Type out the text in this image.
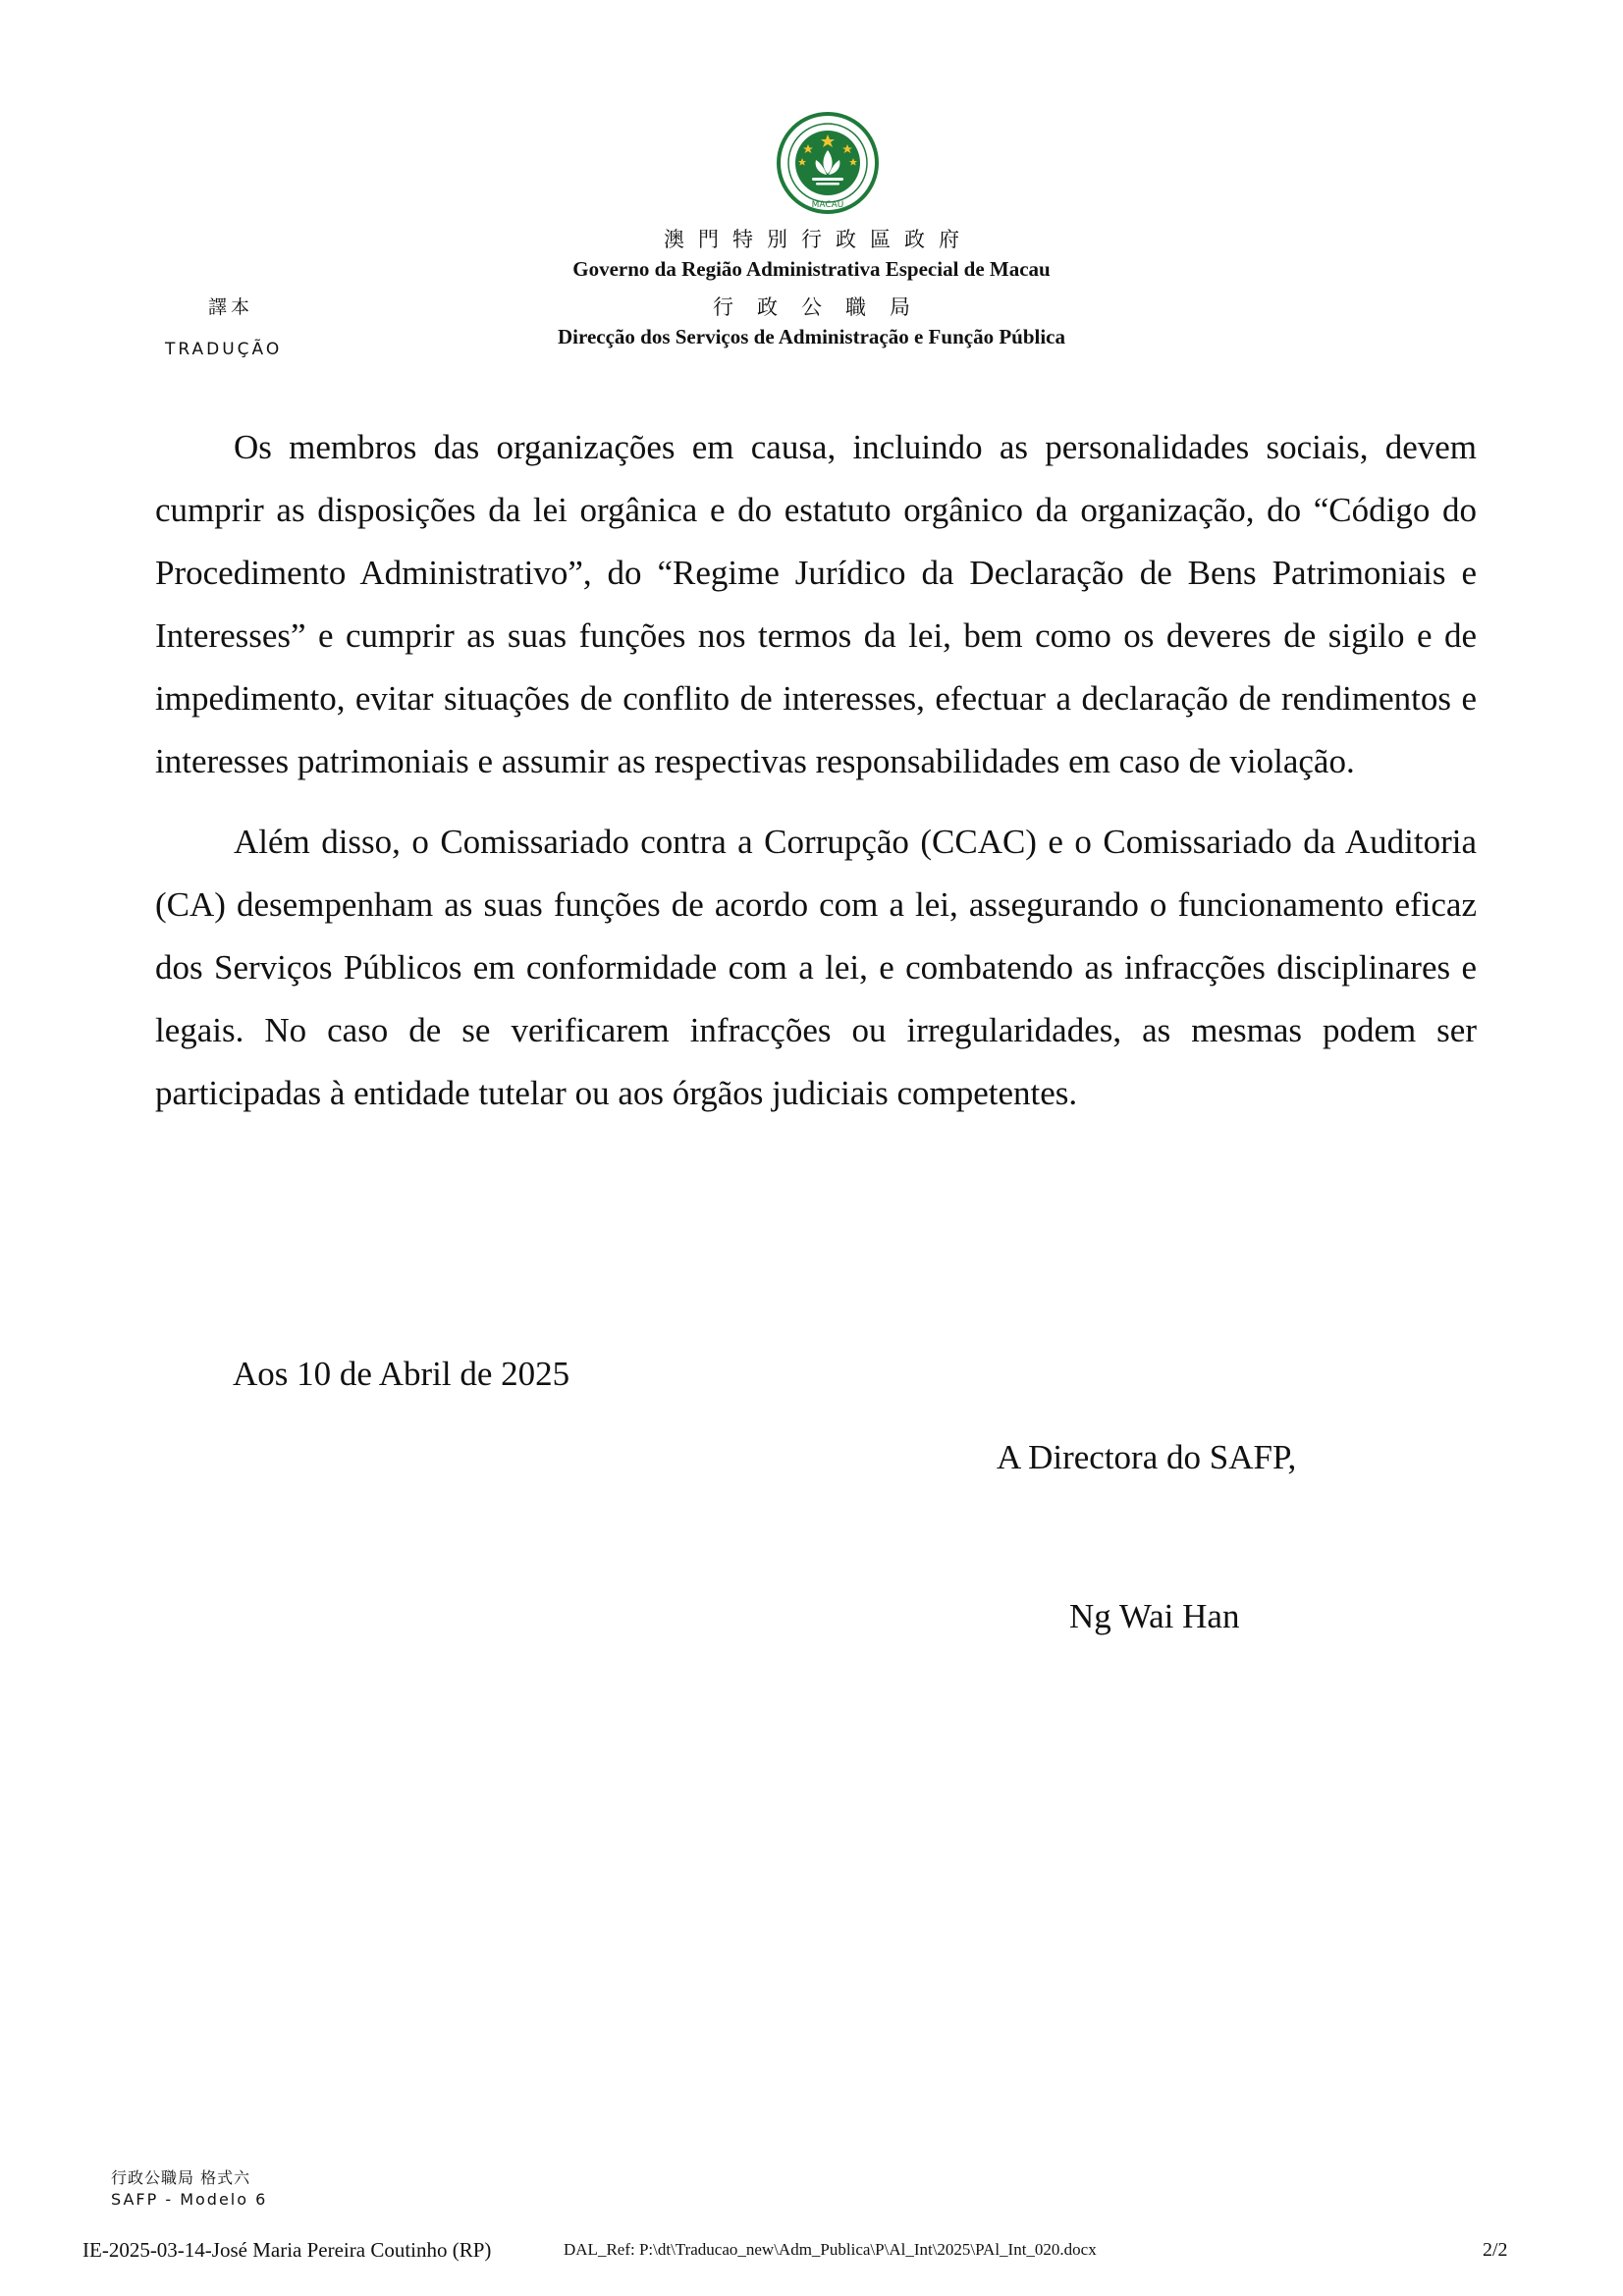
MACAU
澳門特別行政區政府
Governo da Região Administrativa Especial de Macau
行政公職局
Direcção dos Serviços de Administração e Função Pública
譯本
TRADUÇÃO

Os membros das organizações em causa, incluindo as personalidades sociais, devem cumprir as disposições da lei orgânica e do estatuto orgânico da organização, do “Código do Procedimento Administrativo”, do “Regime Jurídico da Declaração de Bens Patrimoniais e Interesses” e cumprir as suas funções nos termos da lei, bem como os deveres de sigilo e de impedimento, evitar situações de conflito de interesses, efectuar a declaração de rendimentos e interesses patrimoniais e assumir as respectivas responsabilidades em caso de violação.

Além disso, o Comissariado contra a Corrupção (CCAC) e o Comissariado da Auditoria (CA) desempenham as suas funções de acordo com a lei, assegurando o funcionamento eficaz dos Serviços Públicos em conformidade com a lei, e combatendo as infracções disciplinares e legais. No caso de se verificarem infracções ou irregularidades, as mesmas podem ser participadas à entidade tutelar ou aos órgãos judiciais competentes.

Aos 10 de Abril de 2025
A Directora do SAFP,
Ng Wai Han
行政公職局 格式六
SAFP - Modelo 6
IE-2025-03-14-José Maria Pereira Coutinho (RP)	DAL_Ref: P:\dt\Traducao_new\Adm_Publica\P\Al_Int\2025\PAl_Int_020.docx	2/2
